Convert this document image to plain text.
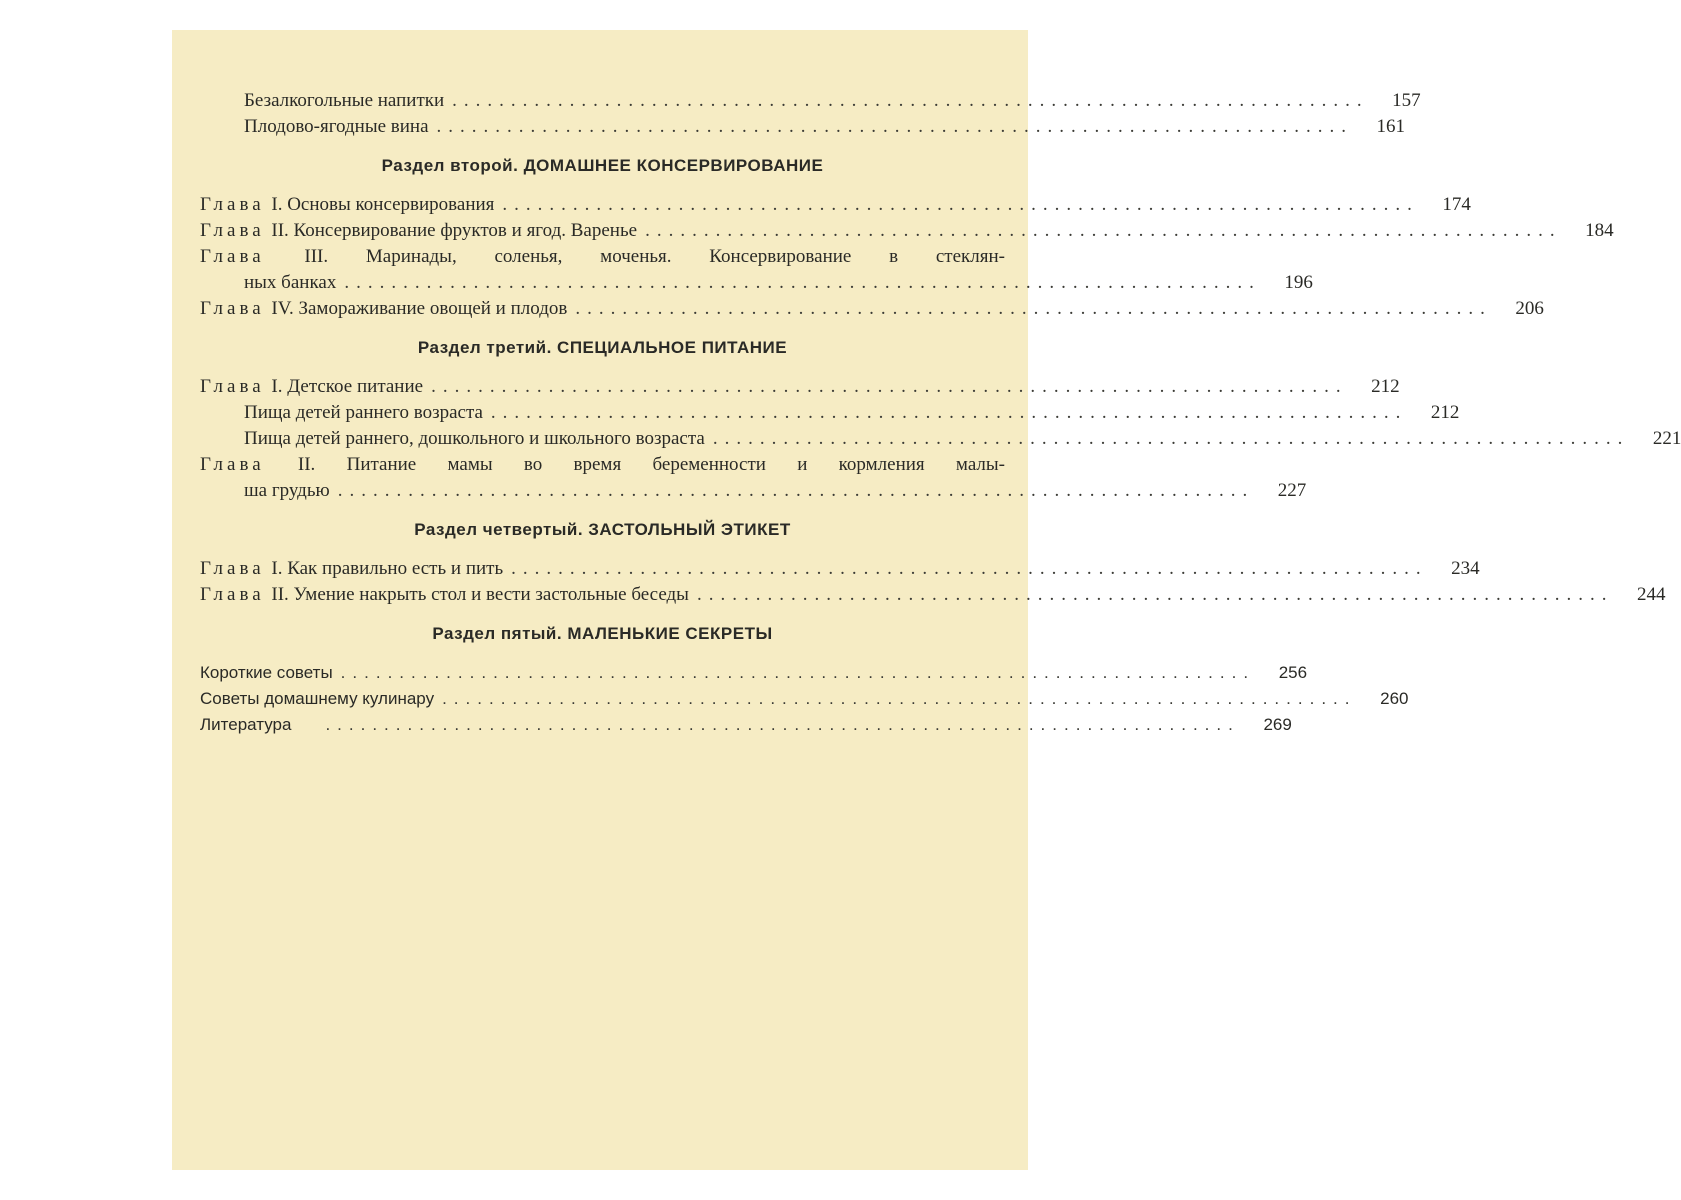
Безалкогольные напитки ..............................................................................	157
Плодово-ягодные вина ..............................................................................	161
Раздел второй. ДОМАШНЕЕ КОНСЕРВИРОВАНИЕ
Глава I. Основы консервирования ..............................................................................	174
Глава II. Консервирование фруктов и ягод. Варенье ..............................................................................	184
Глава III. Маринады, соленья, моченья. Консервирование в стеклян-
ных банках ..............................................................................	196
Глава IV. Замораживание овощей и плодов ..............................................................................	206
Раздел третий. СПЕЦИАЛЬНОЕ ПИТАНИЕ
Глава I. Детское питание ..............................................................................	212
Пища детей раннего возраста ..............................................................................	212
Пища детей раннего, дошкольного и школьного возраста ..............................................................................	221
Глава II. Питание мамы во время беременности и кормления малы-
ша грудью ..............................................................................	227
Раздел четвертый. ЗАСТОЛЬНЫЙ ЭТИКЕТ
Глава I. Как правильно есть и пить ..............................................................................	234
Глава II. Умение накрыть стол и вести застольные беседы ..............................................................................	244
Раздел пятый. МАЛЕНЬКИЕ СЕКРЕТЫ
Короткие советы ..............................................................................	256
Советы домашнему кулинару ..............................................................................	260
Литература ..............................................................................	269
